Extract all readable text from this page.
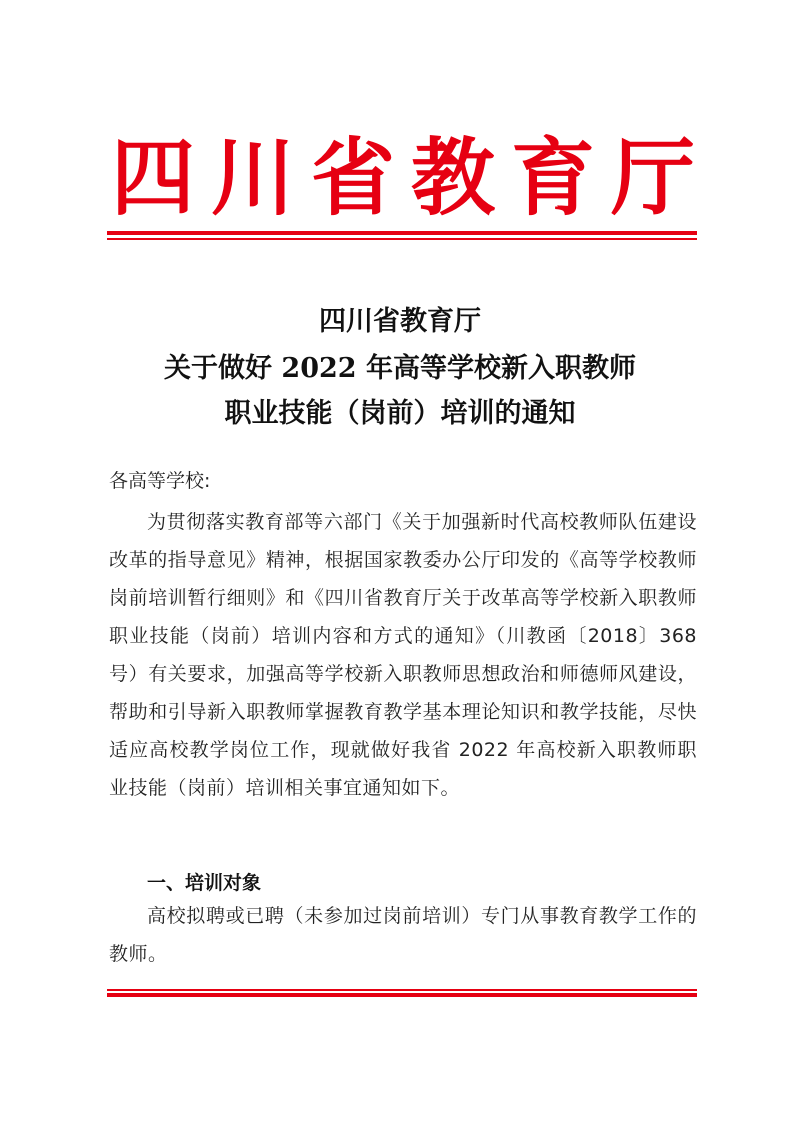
四 川 省 教 育 厅
四川省教育厅
关于做好 2022 年高等学校新入职教师
职业技能（岗前）培训的通知
各高等学校:
为贯彻落实教育部等六部门《关于加强新时代高校教师队伍建设改革的指导意见》精神，根据国家教委办公厅印发的《高等学校教师岗前培训暂行细则》和《四川省教育厅关于改革高等学校新入职教师职业技能（岗前）培训内容和方式的通知》（川教函〔2018〕368 号）有关要求，加强高等学校新入职教师思想政治和师德师风建设，帮助和引导新入职教师掌握教育教学基本理论知识和教学技能，尽快适应高校教学岗位工作，现就做好我省 2022 年高校新入职教师职业技能（岗前）培训相关事宜通知如下。
一、培训对象
高校拟聘或已聘（未参加过岗前培训）专门从事教育教学工作的教师。
